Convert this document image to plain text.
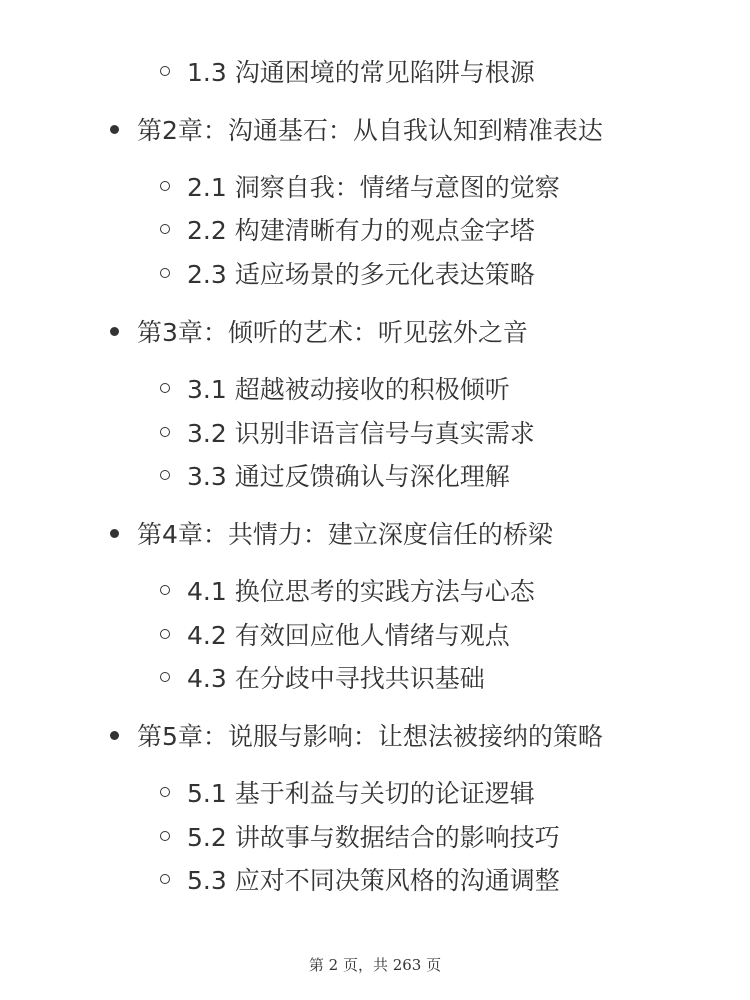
1.3 沟通困境的常见陷阱与根源
第2章：沟通基石：从自我认知到精准表达
2.1 洞察自我：情绪与意图的觉察
2.2 构建清晰有力的观点金字塔
2.3 适应场景的多元化表达策略
第3章：倾听的艺术：听见弦外之音
3.1 超越被动接收的积极倾听
3.2 识别非语言信号与真实需求
3.3 通过反馈确认与深化理解
第4章：共情力：建立深度信任的桥梁
4.1 换位思考的实践方法与心态
4.2 有效回应他人情绪与观点
4.3 在分歧中寻找共识基础
第5章：说服与影响：让想法被接纳的策略
5.1 基于利益与关切的论证逻辑
5.2 讲故事与数据结合的影响技巧
5.3 应对不同决策风格的沟通调整
第 2 页，共 263 页
